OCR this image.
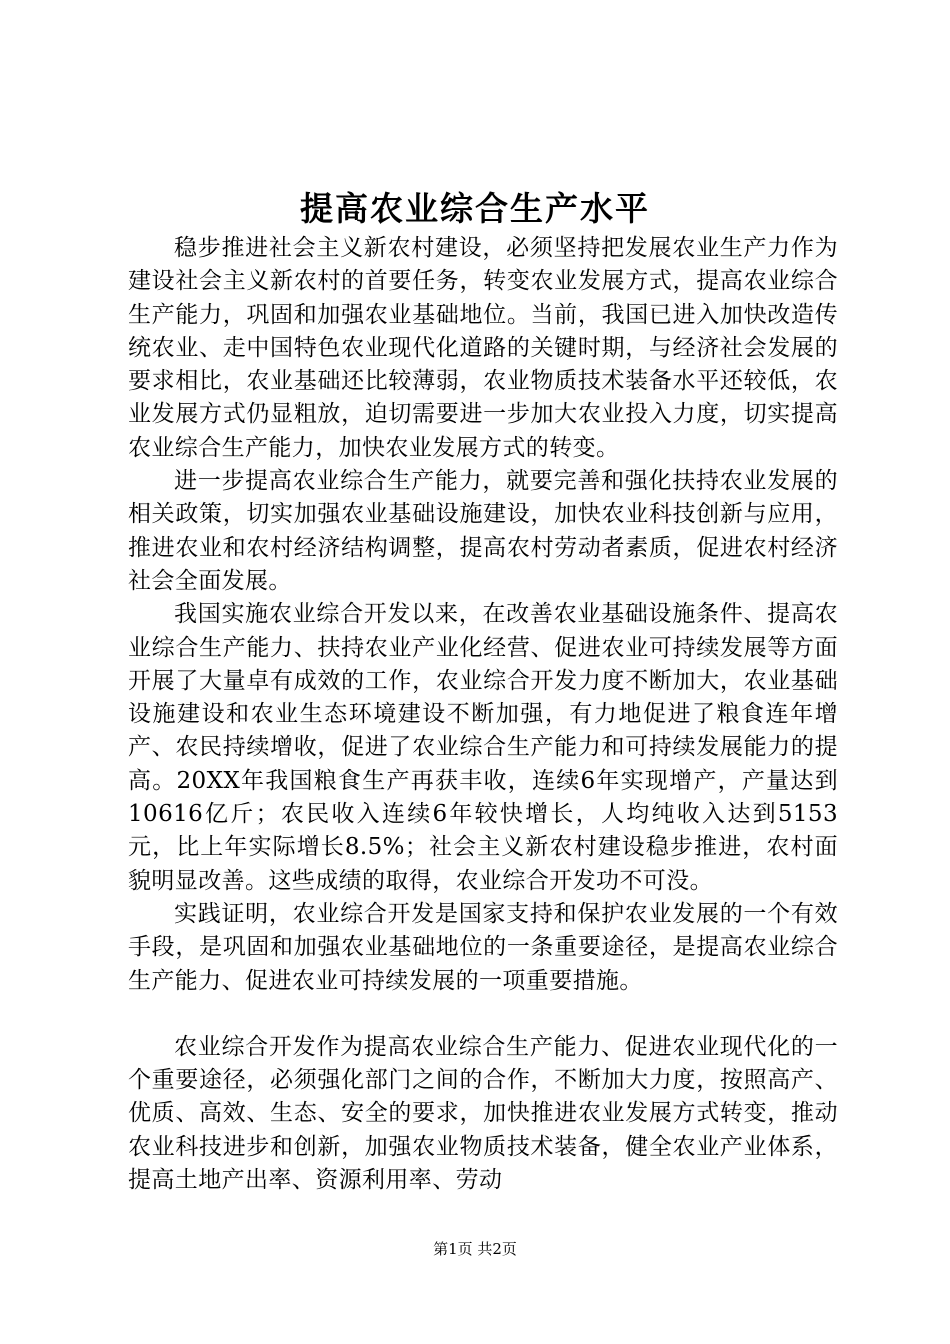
提高农业综合生产水平

稳步推进社会主义新农村建设，必须坚持把发展农业生产力作为建设社会主义新农村的首要任务，转变农业发展方式，提高农业综合生产能力，巩固和加强农业基础地位。当前，我国已进入加快改造传统农业、走中国特色农业现代化道路的关键时期，与经济社会发展的要求相比，农业基础还比较薄弱，农业物质技术装备水平还较低，农业发展方式仍显粗放，迫切需要进一步加大农业投入力度，切实提高农业综合生产能力，加快农业发展方式的转变。

进一步提高农业综合生产能力，就要完善和强化扶持农业发展的相关政策，切实加强农业基础设施建设，加快农业科技创新与应用，推进农业和农村经济结构调整，提高农村劳动者素质，促进农村经济社会全面发展。

我国实施农业综合开发以来，在改善农业基础设施条件、提高农业综合生产能力、扶持农业产业化经营、促进农业可持续发展等方面开展了大量卓有成效的工作，农业综合开发力度不断加大，农业基础设施建设和农业生态环境建设不断加强，有力地促进了粮食连年增产、农民持续增收，促进了农业综合生产能力和可持续发展能力的提高。20XX年我国粮食生产再获丰收，连续6年实现增产，产量达到10616亿斤；农民收入连续6年较快增长，人均纯收入达到5153元，比上年实际增长8.5%；社会主义新农村建设稳步推进，农村面貌明显改善。这些成绩的取得，农业综合开发功不可没。

实践证明，农业综合开发是国家支持和保护农业发展的一个有效手段，是巩固和加强农业基础地位的一条重要途径，是提高农业综合生产能力、促进农业可持续发展的一项重要措施。

农业综合开发作为提高农业综合生产能力、促进农业现代化的一个重要途径，必须强化部门之间的合作，不断加大力度，按照高产、优质、高效、生态、安全的要求，加快推进农业发展方式转变，推动农业科技进步和创新，加强农业物质技术装备，健全农业产业体系，提高土地产出率、资源利用率、劳动

第1页 共2页
